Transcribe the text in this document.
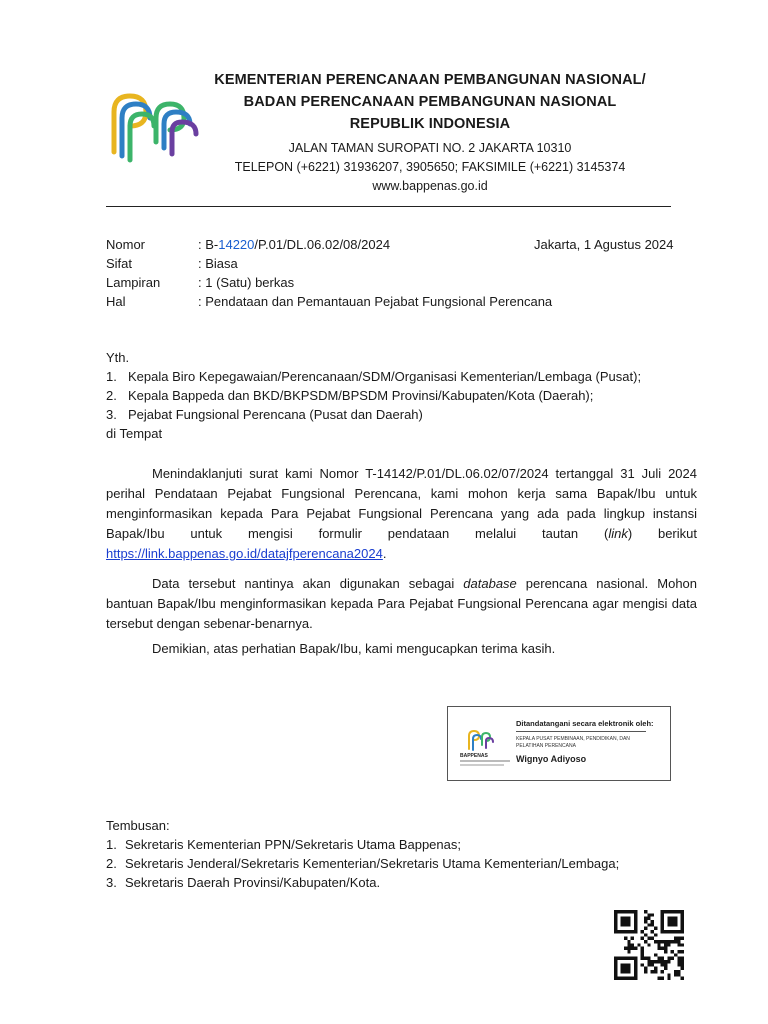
KEMENTERIAN PERENCANAAN PEMBANGUNAN NASIONAL/
BADAN PERENCANAAN PEMBANGUNAN NASIONAL
REPUBLIK INDONESIA
JALAN TAMAN SUROPATI NO. 2 JAKARTA 10310
TELEPON (+6221) 31936207, 3905650; FAKSIMILE (+6221) 3145374
www.bappenas.go.id
Nomor	: B-14220/P.01/DL.06.02/08/2024	Jakarta, 1 Agustus 2024
Sifat	: Biasa
Lampiran	: 1 (Satu) berkas
Hal	: Pendataan dan Pemantauan Pejabat Fungsional Perencana
Yth.
1. Kepala Biro Kepegawaian/Perencanaan/SDM/Organisasi Kementerian/Lembaga (Pusat);
2. Kepala Bappeda dan BKD/BKPSDM/BPSDM Provinsi/Kabupaten/Kota (Daerah);
3. Pejabat Fungsional Perencana (Pusat dan Daerah)
di Tempat
Menindaklanjuti surat kami Nomor T-14142/P.01/DL.06.02/07/2024 tertanggal 31 Juli 2024 perihal Pendataan Pejabat Fungsional Perencana, kami mohon kerja sama Bapak/Ibu untuk menginformasikan kepada Para Pejabat Fungsional Perencana yang ada pada lingkup instansi Bapak/Ibu untuk mengisi formulir pendataan melalui tautan (link) berikut https://link.bappenas.go.id/datajfperencana2024.
Data tersebut nantinya akan digunakan sebagai database perencana nasional. Mohon bantuan Bapak/Ibu menginformasikan kepada Para Pejabat Fungsional Perencana agar mengisi data tersebut dengan sebenar-benarnya.
Demikian, atas perhatian Bapak/Ibu, kami mengucapkan terima kasih.
BAPPENAS
Ditandatangani secara elektronik oleh:
KEPALA PUSAT PEMBINAAN, PENDIDIKAN, DAN PELATIHAN PERENCANA
Wignyo Adiyoso
Tembusan:
1. Sekretaris Kementerian PPN/Sekretaris Utama Bappenas;
2. Sekretaris Jenderal/Sekretaris Kementerian/Sekretaris Utama Kementerian/Lembaga;
3. Sekretaris Daerah Provinsi/Kabupaten/Kota.
